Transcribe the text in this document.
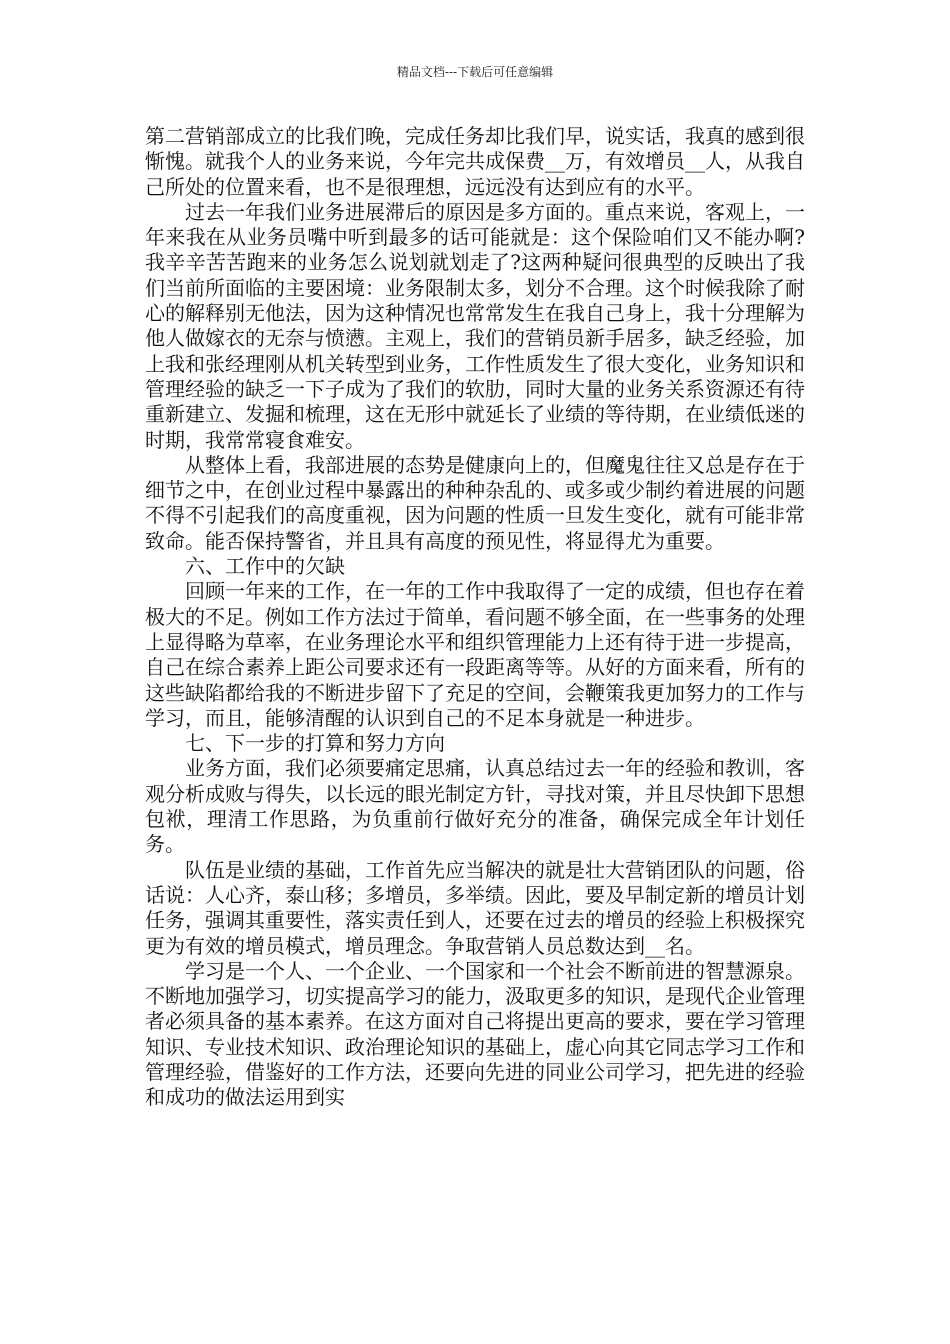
精品文档---下载后可任意编辑

第二营销部成立的比我们晚，完成任务却比我们早，说实话，我真的感到很惭愧。就我个人的业务来说，今年完共成保费__万，有效增员__人，从我自己所处的位置来看，也不是很理想，远远没有达到应有的水平。

过去一年我们业务进展滞后的原因是多方面的。重点来说，客观上，一年来我在从业务员嘴中听到最多的话可能就是：这个保险咱们又不能办啊?我辛辛苦苦跑来的业务怎么说划就划走了?这两种疑问很典型的反映出了我们当前所面临的主要困境：业务限制太多，划分不合理。这个时候我除了耐心的解释别无他法，因为这种情况也常常发生在我自己身上，我十分理解为他人做嫁衣的无奈与愤懑。主观上，我们的营销员新手居多，缺乏经验，加上我和张经理刚从机关转型到业务，工作性质发生了很大变化，业务知识和管理经验的缺乏一下子成为了我们的软肋，同时大量的业务关系资源还有待重新建立、发掘和梳理，这在无形中就延长了业绩的等待期，在业绩低迷的时期，我常常寝食难安。

从整体上看，我部进展的态势是健康向上的，但魔鬼往往又总是存在于细节之中，在创业过程中暴露出的种种杂乱的、或多或少制约着进展的问题不得不引起我们的高度重视，因为问题的性质一旦发生变化，就有可能非常致命。能否保持警省，并且具有高度的预见性，将显得尤为重要。

六、工作中的欠缺

回顾一年来的工作，在一年的工作中我取得了一定的成绩，但也存在着极大的不足。例如工作方法过于简单，看问题不够全面，在一些事务的处理上显得略为草率，在业务理论水平和组织管理能力上还有待于进一步提高，自己在综合素养上距公司要求还有一段距离等等。从好的方面来看，所有的这些缺陷都给我的不断进步留下了充足的空间，会鞭策我更加努力的工作与学习，而且，能够清醒的认识到自己的不足本身就是一种进步。

七、下一步的打算和努力方向

业务方面，我们必须要痛定思痛，认真总结过去一年的经验和教训，客观分析成败与得失，以长远的眼光制定方针，寻找对策，并且尽快卸下思想包袱，理清工作思路，为负重前行做好充分的准备，确保完成全年计划任务。

队伍是业绩的基础，工作首先应当解决的就是壮大营销团队的问题，俗话说：人心齐，泰山移；多增员，多举绩。因此，要及早制定新的增员计划任务，强调其重要性，落实责任到人，还要在过去的增员的经验上积极探究更为有效的增员模式，增员理念。争取营销人员总数达到__名。

学习是一个人、一个企业、一个国家和一个社会不断前进的智慧源泉。不断地加强学习，切实提高学习的能力，汲取更多的知识，是现代企业管理者必须具备的基本素养。在这方面对自己将提出更高的要求，要在学习管理知识、专业技术知识、政治理论知识的基础上，虚心向其它同志学习工作和管理经验，借鉴好的工作方法，还要向先进的同业公司学习，把先进的经验和成功的做法运用到实
